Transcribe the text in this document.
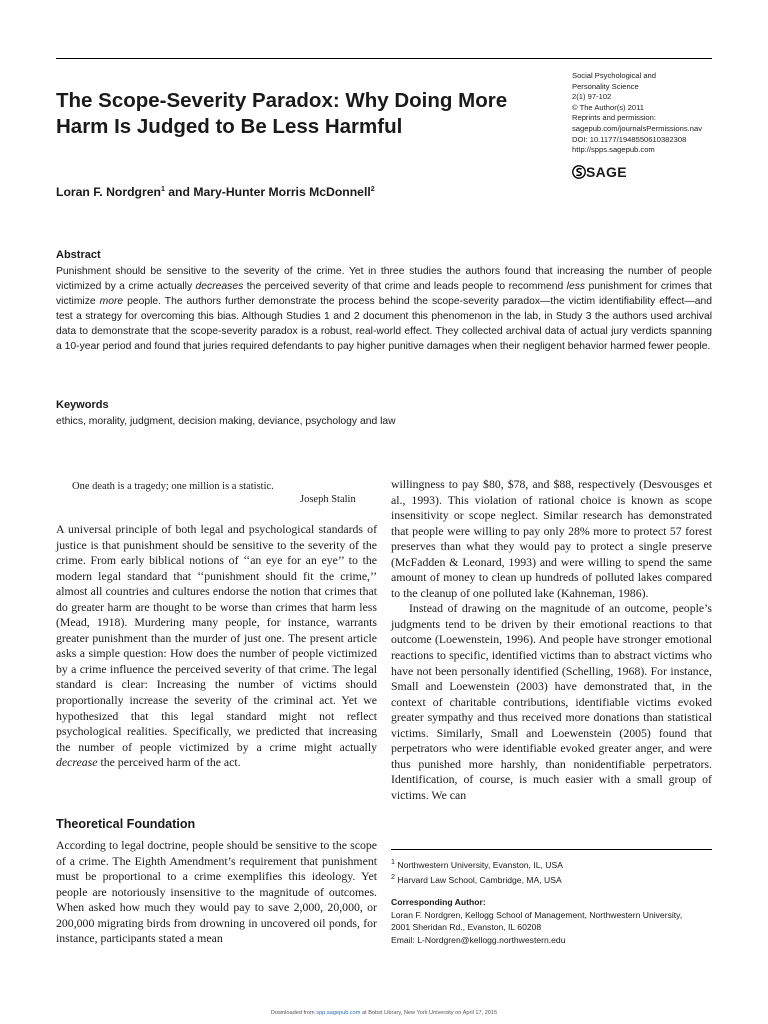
The Scope-Severity Paradox: Why Doing More Harm Is Judged to Be Less Harmful
Social Psychological and
Personality Science
2(1) 97-102
© The Author(s) 2011
Reprints and permission:
sagepub.com/journalsPermissions.nav
DOI: 10.1177/1948550610382308
http://spps.sagepub.com
SAGE
Loran F. Nordgren$^1$ and Mary-Hunter Morris McDonnell$^2$
Abstract
Punishment should be sensitive to the severity of the crime. Yet in three studies the authors found that increasing the number of people victimized by a crime actually decreases the perceived severity of that crime and leads people to recommend less punishment for crimes that victimize more people. The authors further demonstrate the process behind the scope-severity paradox—the victim identifiability effect—and test a strategy for overcoming this bias. Although Studies 1 and 2 document this phenomenon in the lab, in Study 3 the authors used archival data to demonstrate that the scope-severity paradox is a robust, real-world effect. They collected archival data of actual jury verdicts spanning a 10-year period and found that juries required defendants to pay higher punitive damages when their negligent behavior harmed fewer people.
Keywords
ethics, morality, judgment, decision making, deviance, psychology and law
One death is a tragedy; one million is a statistic.
Joseph Stalin

A universal principle of both legal and psychological standards of justice is that punishment should be sensitive to the severity of the crime. From early biblical notions of ‘‘an eye for an eye’’ to the modern legal standard that ‘‘punishment should fit the crime,’’ almost all countries and cultures endorse the notion that crimes that do greater harm are thought to be worse than crimes that harm less (Mead, 1918). Murdering many people, for instance, warrants greater punishment than the murder of just one. The present article asks a simple question: How does the number of people victimized by a crime influence the perceived severity of that crime. The legal standard is clear: Increasing the number of victims should proportionally increase the severity of the criminal act. Yet we hypothesized that this legal standard might not reflect psychological realities. Specifically, we predicted that increasing the number of people victimized by a crime might actually decrease the perceived harm of the act.

Theoretical Foundation

According to legal doctrine, people should be sensitive to the scope of a crime. The Eighth Amendment’s requirement that punishment must be proportional to a crime exemplifies this ideology. Yet people are notoriously insensitive to the magnitude of outcomes. When asked how much they would pay to save 2,000, 20,000, or 200,000 migrating birds from drowning in uncovered oil ponds, for instance, participants stated a mean

willingness to pay $80, $78, and $88, respectively (Desvousges et al., 1993). This violation of rational choice is known as scope insensitivity or scope neglect. Similar research has demonstrated that people were willing to pay only 28% more to protect 57 forest preserves than what they would pay to protect a single preserve (McFadden & Leonard, 1993) and were willing to spend the same amount of money to clean up hundreds of polluted lakes compared to the cleanup of one polluted lake (Kahneman, 1986).

Instead of drawing on the magnitude of an outcome, people’s judgments tend to be driven by their emotional reactions to that outcome (Loewenstein, 1996). And people have stronger emotional reactions to specific, identified victims than to abstract victims who have not been personally identified (Schelling, 1968). For instance, Small and Loewenstein (2003) have demonstrated that, in the context of charitable contributions, identifiable victims evoked greater sympathy and thus received more donations than statistical victims. Similarly, Small and Loewenstein (2005) found that perpetrators who were identifiable evoked greater anger, and were thus punished more harshly, than nonidentifiable perpetrators. Identification, of course, is much easier with a small group of victims. We can

$^1$ Northwestern University, Evanston, IL, USA
$^2$ Harvard Law School, Cambridge, MA, USA
Corresponding Author:
Loran F. Nordgren, Kellogg School of Management, Northwestern University,
2001 Sheridan Rd., Evanston, IL 60208
Email: L-Nordgren@kellogg.northwestern.edu
Downloaded from spp.sagepub.com at Bobst Library, New York University on April 17, 2015
